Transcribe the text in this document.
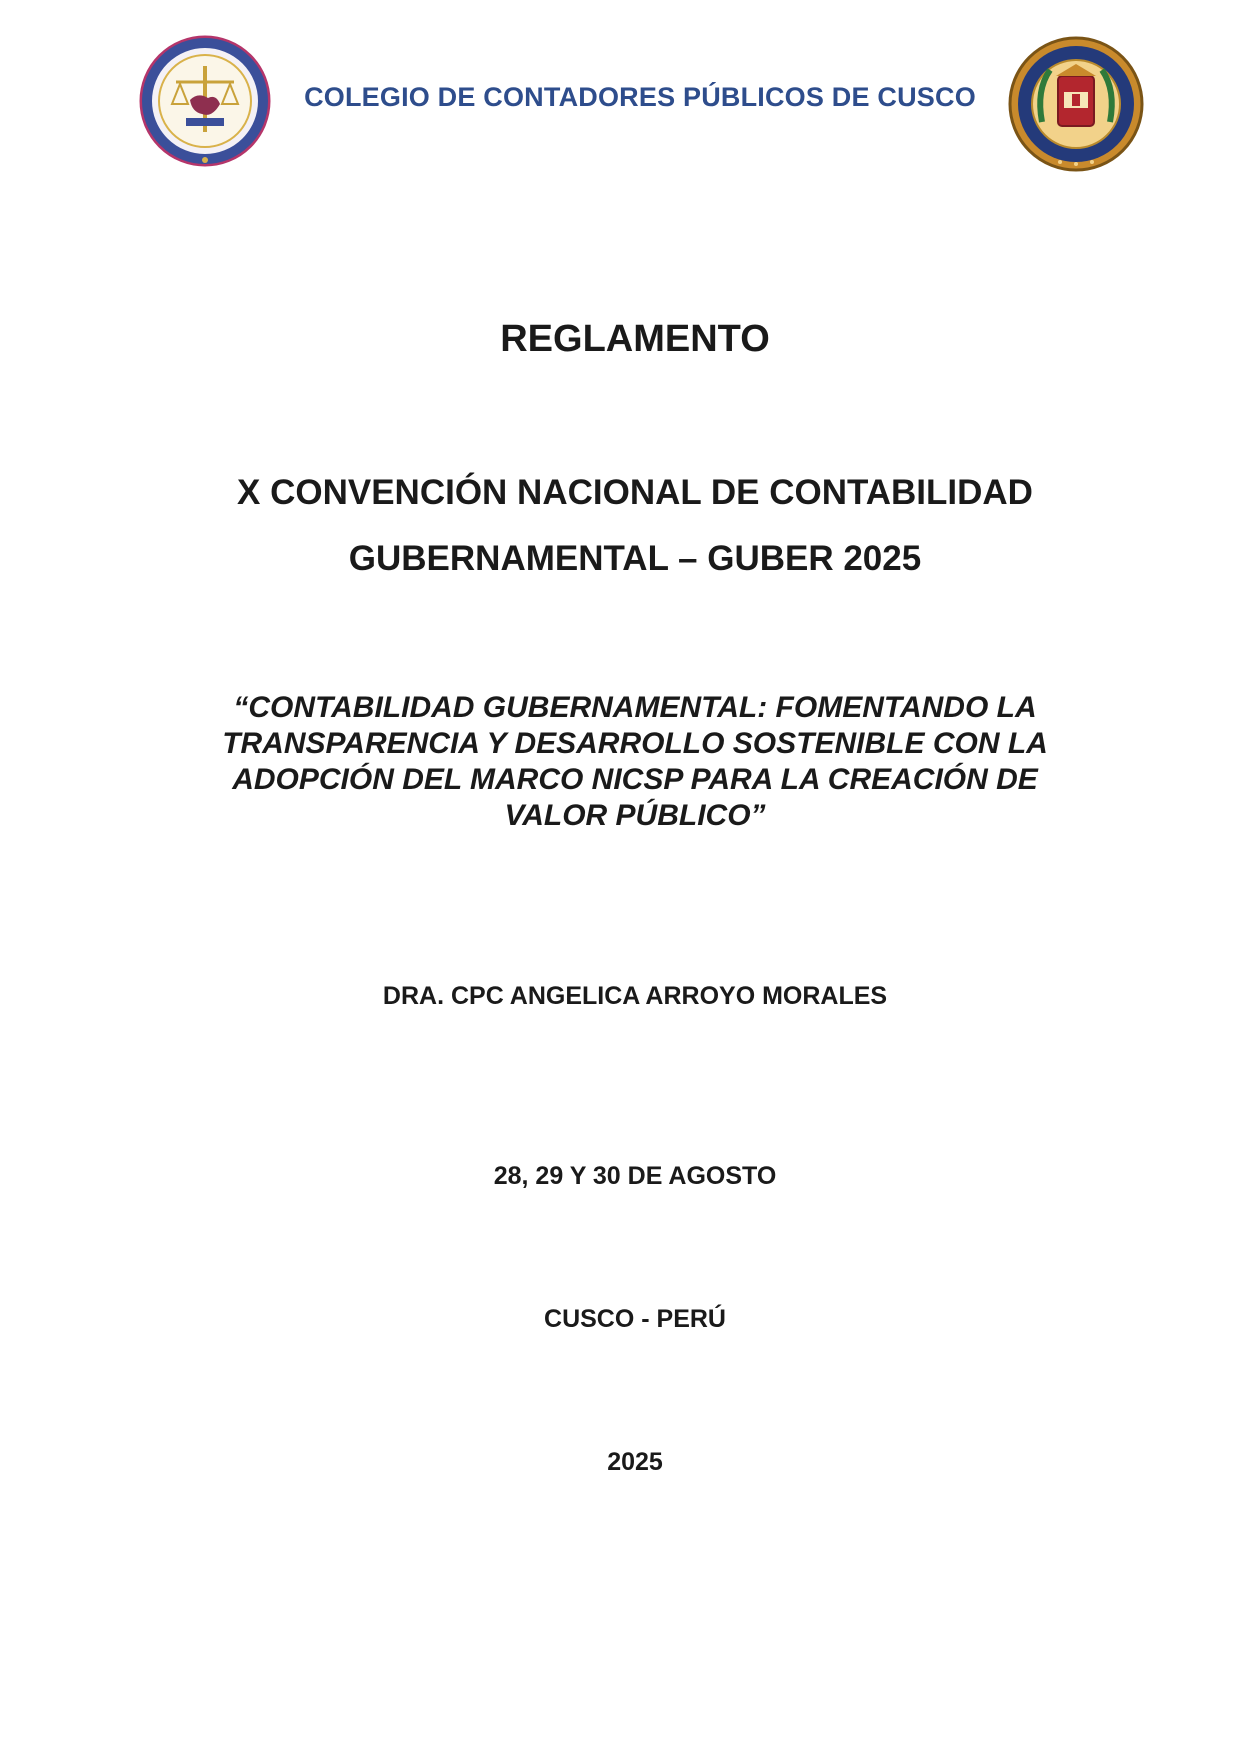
COLEGIO DE CONTADORES PÚBLICOS DE CUSCO
REGLAMENTO
X CONVENCIÓN NACIONAL DE CONTABILIDAD
GUBERNAMENTAL – GUBER 2025
“CONTABILIDAD GUBERNAMENTAL: FOMENTANDO LA
TRANSPARENCIA Y DESARROLLO SOSTENIBLE CON LA
ADOPCIÓN DEL MARCO NICSP PARA LA CREACIÓN DE
VALOR PÚBLICO”
DRA. CPC ANGELICA ARROYO MORALES
28, 29 Y 30 DE AGOSTO
CUSCO - PERÚ
2025
